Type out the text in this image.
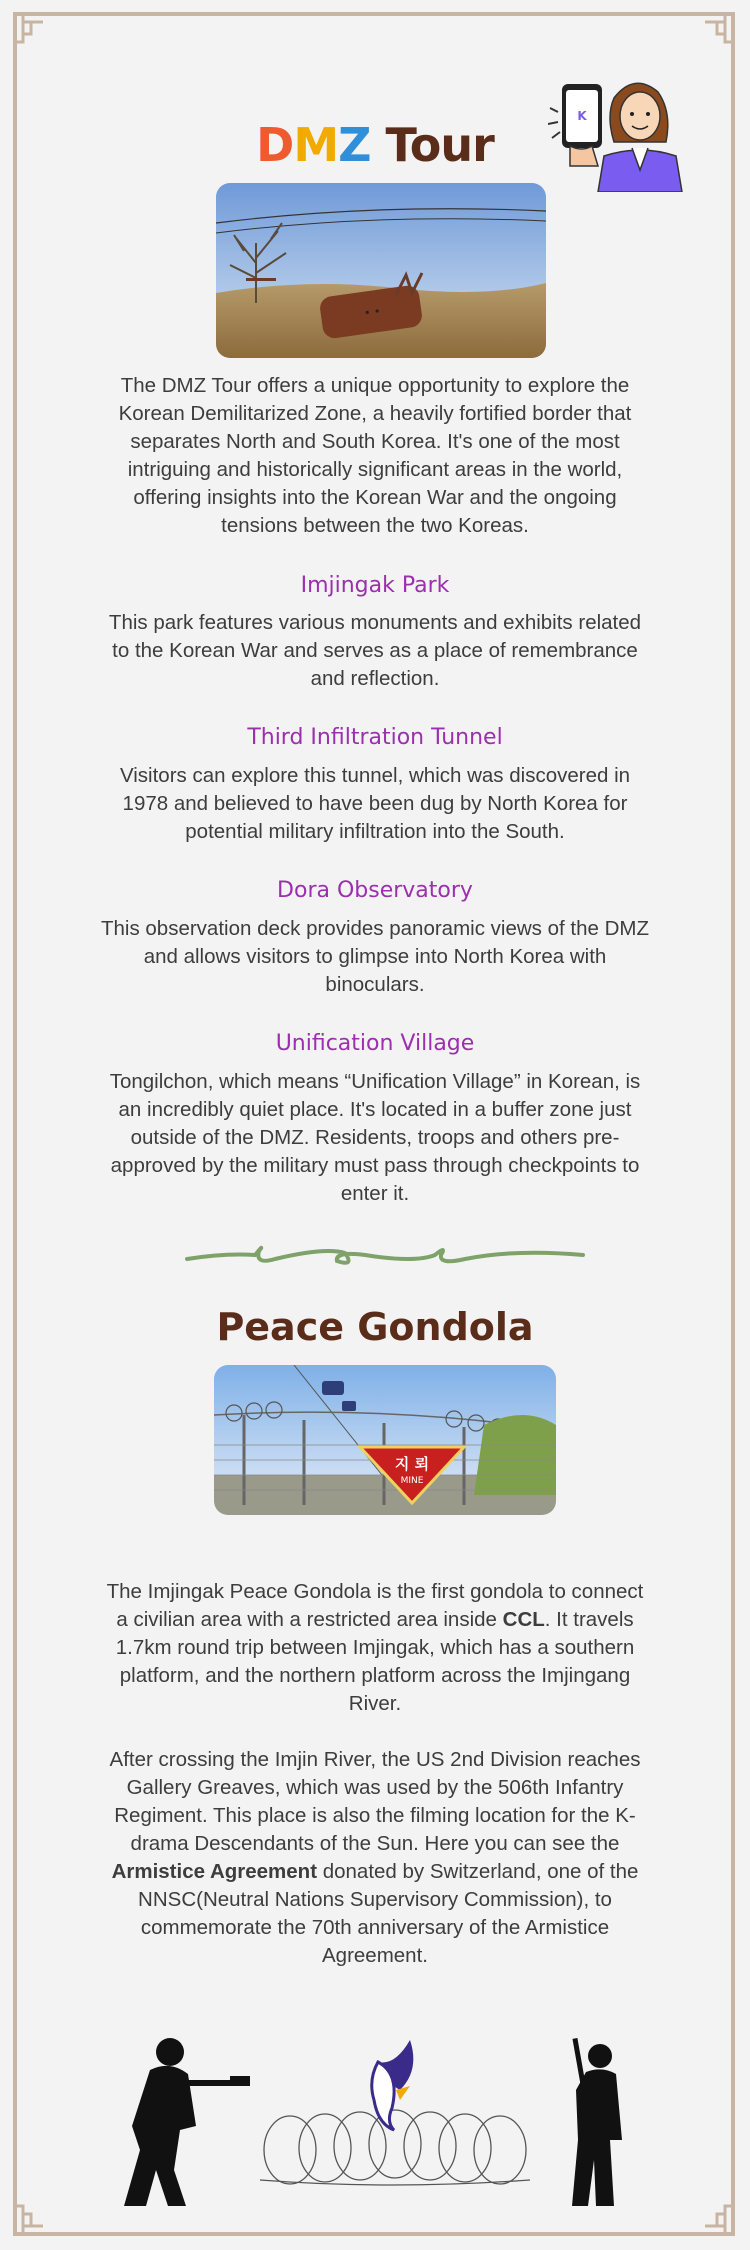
K
DMZ Tour
• •
The DMZ Tour offers a unique opportunity to explore the Korean Demilitarized Zone, a heavily fortified border that separates North and South Korea. It's one of the most intriguing and historically significant areas in the world, offering insights into the Korean War and the ongoing tensions between the two Koreas.
Imjingak Park
This park features various monuments and exhibits related to the Korean War and serves as a place of remembrance and reflection.
Third Infiltration Tunnel
Visitors can explore this tunnel, which was discovered in 1978 and believed to have been dug by North Korea for potential military infiltration into the South.
Dora Observatory
This observation deck provides panoramic views of the DMZ and allows visitors to glimpse into North Korea with binoculars.
Unification Village
Tongilchon, which means “Unification Village” in Korean, is an incredibly quiet place. It's located in a buffer zone just outside of the DMZ. Residents, troops and others pre-approved by the military must pass through checkpoints to enter it.
Peace Gondola
지 뢰
MINE
The Imjingak Peace Gondola is the first gondola to connect a civilian area with a restricted area inside CCL. It travels 1.7km round trip between Imjingak, which has a southern platform, and the northern platform across the Imjingang River.
After crossing the Imjin River, the US 2nd Division reaches Gallery Greaves, which was used by the 506th Infantry Regiment. This place is also the filming location for the K-drama Descendants of the Sun. Here you can see the Armistice Agreement donated by Switzerland, one of the NNSC(Neutral Nations Supervisory Commission), to commemorate the 70th anniversary of the Armistice Agreement.
